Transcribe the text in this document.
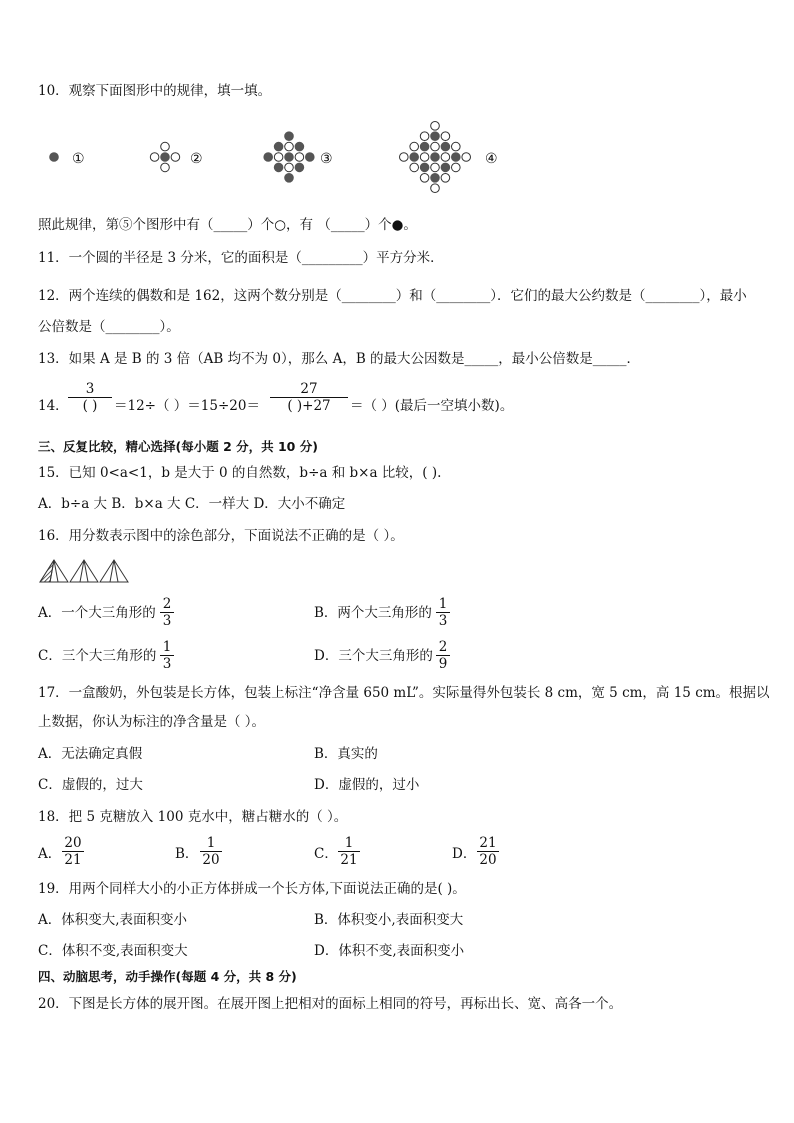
10．观察下面图形中的规律，填一填。
①	②	③	④
照此规律，第⑤个图形中有（_____）个○，有 （_____）个●。
11．一个圆的半径是 3 分米，它的面积是（_________）平方分米．
12．两个连续的偶数和是 162，这两个数分别是（________）和（________）．它们的最大公约数是（________），最小
公倍数是（________）。
13．如果 A 是 B 的 3 倍（AB 均不为 0），那么 A，B 的最大公因数是_____，最小公倍数是_____．
14．
3
( )	＝12÷（ ）$=15\div 20= \frac{27}{( )+27}$ ＝（ ）(最后一空填小数)。
三、反复比较，精心选择(每小题 2 分，共 10 分)
15．已知 0<a<1，b 是大于 0 的自然数，b÷a 和 b×a 比较，( ).
A．b÷a 大 B．b×a 大 C．一样大 D．大小不确定
16．用分数表示图中的涂色部分，下面说法不正确的是（ ）。
A．一个大三角形的 $\frac{2}{3}$	B．两个大三角形的 $\frac{1}{3}$
C．三个大三角形的 $\frac{1}{3}$	D．三个大三角形的 $\frac{2}{9}$
17．一盒酸奶，外包装是长方体，包装上标注“净含量 650 mL”。实际量得外包装长 8 cm，宽 5 cm，高 15 cm。根据以
上数据，你认为标注的净含量是（ ）。
A．无法确定真假	B．真实的
C．虚假的，过大	D．虚假的，过小
18．把 5 克糖放入 100 克水中，糖占糖水的（ ）。
A． $\frac{20}{21}$	B． $\frac{1}{20}$	C． $\frac{1}{21}$	D． $\frac{21}{20}$
19．用两个同样大小的小正方体拼成一个长方体,下面说法正确的是( )。
A．体积变大,表面积变小	B．体积变小,表面积变大
C．体积不变,表面积变大	D．体积不变,表面积变小
四、动脑思考，动手操作(每题 4 分，共 8 分)
20．下图是长方体的展开图。在展开图上把相对的面标上相同的符号，再标出长、宽、高各一个。
